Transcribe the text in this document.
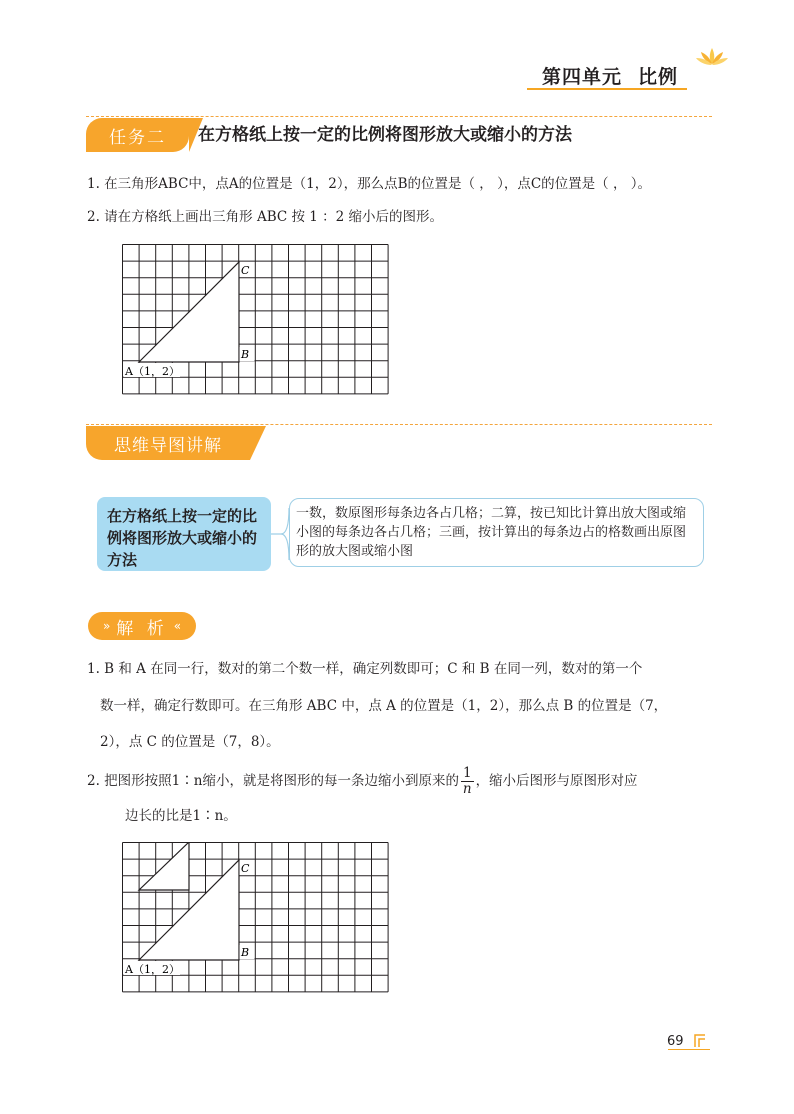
第四单元 比例
任务二	在方格纸上按一定的比例将图形放大或缩小的方法
1. 在三角形ABC中，点A的位置是（1，2），那么点B的位置是（ ， ），点C的位置是（ ， ）。
2. 请在方格纸上画出三角形 ABC 按 1 ：2 缩小后的图形。
C
B
A（1，2）
思维导图讲解
在方格纸上按一定的比例将图形放大或缩小的方法
一数，数原图形每条边各占几格；二算，按已知比计算出放大图或缩小图的每条边各占几格；三画，按计算出的每条边占的格数画出原图形的放大图或缩小图
» 解 析 «
1. B 和 A 在同一行，数对的第二个数一样，确定列数即可；C 和 B 在同一列，数对的第一个
数一样，确定行数即可。在三角形 ABC 中，点 A 的位置是（1，2），那么点 B 的位置是（7，
2），点 C 的位置是（7，8）。
2. 把图形按照1∶n缩小，就是将图形的每一条边缩小到原来的 $\frac{1}{n}$ ，缩小后图形与原图形对应
边长的比是1∶n。
C
B
A（1，2）
69
